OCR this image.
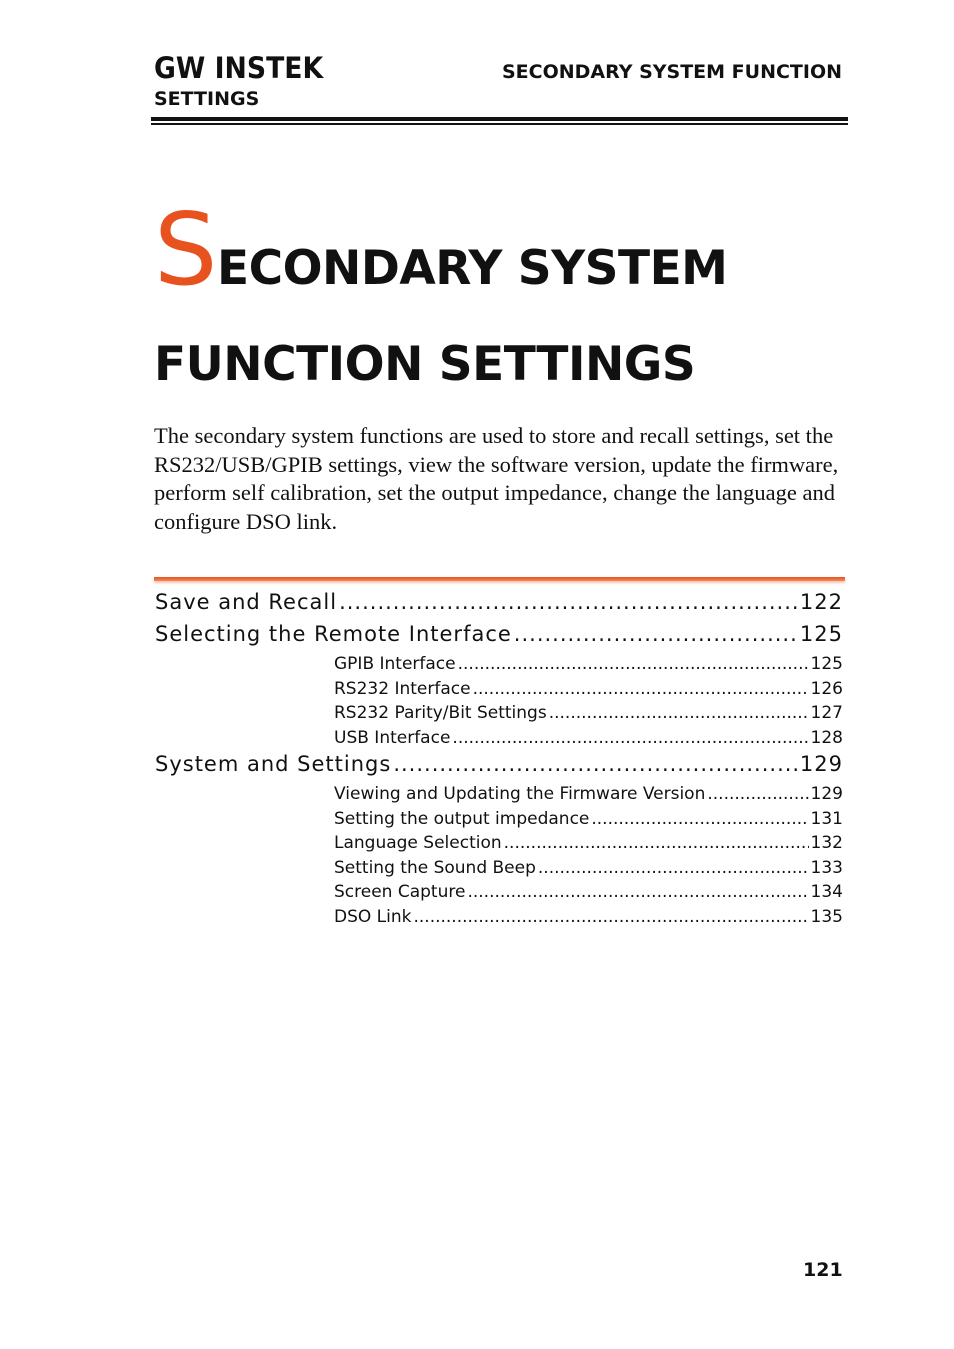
GW INSTEK	SECONDARY SYSTEM FUNCTION
SETTINGS
SECONDARY SYSTEM
FUNCTION SETTINGS
The secondary system functions are used to store and recall settings, set the RS232/USB/GPIB settings, view the software version, update the firmware, perform self calibration, set the output impedance, change the language and configure DSO link.
Save and Recall .....	122
Selecting the Remote Interface .....	125
GPIB Interface .....	125
RS232 Interface .....	126
RS232 Parity/Bit Settings .....	127
USB Interface .....	128
System and Settings .....	129
Viewing and Updating the Firmware Version .....	129
Setting the output impedance .....	131
Language Selection .....	132
Setting the Sound Beep .....	133
Screen Capture .....	134
DSO Link .....	135
121
